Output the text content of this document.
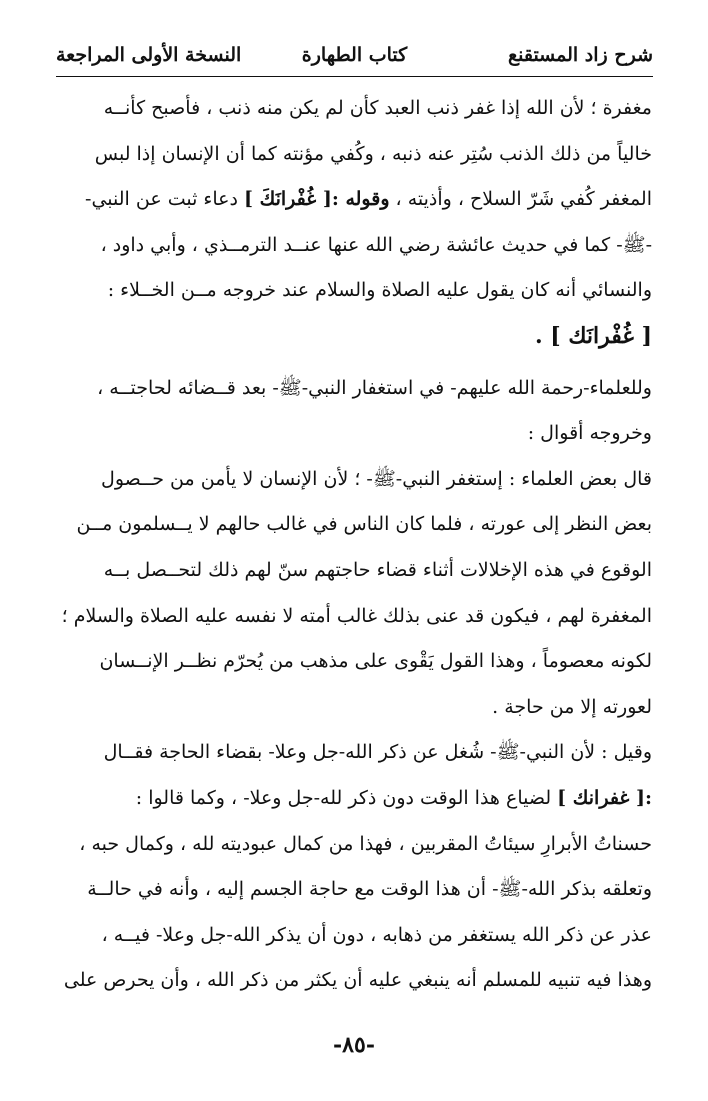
شرح زاد المستقنع
كتاب الطهارة
النسخة الأولى المراجعة
مغفرة ؛ لأن الله إذا غفر ذنب العبد كأن لم يكن منه ذنب ، فأصبح كأنــه
خالياً من ذلك الذنب سُتِر عنه ذنبه ، وكُفي مؤنته كما أن الإنسان إذا لبس
المغفر كُفي شَرّ السلاح ، وأذيته ، وقوله :[ غُفْرانَكَ ] دعاء ثبت عن النبي-
-ﷺ- كما في حديث عائشة رضي الله عنها عنــد الترمــذي ، وأبي داود ،
والنسائي أنه كان يقول عليه الصلاة والسلام عند خروجه مــن الخــلاء :
[ غُفْرانَك ] .
وللعلماء-رحمة الله عليهم- في استغفار النبي-ﷺ- بعد قــضائه لحاجتــه ،
وخروجه أقوال :
قال بعض العلماء : إستغفر النبي-ﷺ- ؛ لأن الإنسان لا يأمن من حــصول
بعض النظر إلى عورته ، فلما كان الناس في غالب حالهم لا يــسلمون مــن
الوقوع في هذه الإخلالات أثناء قضاء حاجتهم سنّ لهم ذلك لتحــصل بــه
المغفرة لهم ، فيكون قد عنى بذلك غالب أمته لا نفسه عليه الصلاة والسلام ؛
لكونه معصوماً ، وهذا القول يَقْوى على مذهب من يُحرّم نظــر الإنــسان
لعورته إلا من حاجة .
وقيل : لأن النبي-ﷺ- شُغل عن ذكر الله-جل وعلا- بقضاء الحاجة فقــال
:[ غفرانك ] لضياع هذا الوقت دون ذكر لله-جل وعلا- ، وكما قالوا :
حسناتُ الأبرارِ سيئاتُ المقربين ، فهذا من كمال عبوديته لله ، وكمال حبه ،
وتعلقه بذكر الله-ﷺ- أن هذا الوقت مع حاجة الجسم إليه ، وأنه في حالــة
عذر عن ذكر الله يستغفر من ذهابه ، دون أن يذكر الله-جل وعلا- فيــه ،
وهذا فيه تنبيه للمسلم أنه ينبغي عليه أن يكثر من ذكر الله ، وأن يحرص على
-٨٥-
